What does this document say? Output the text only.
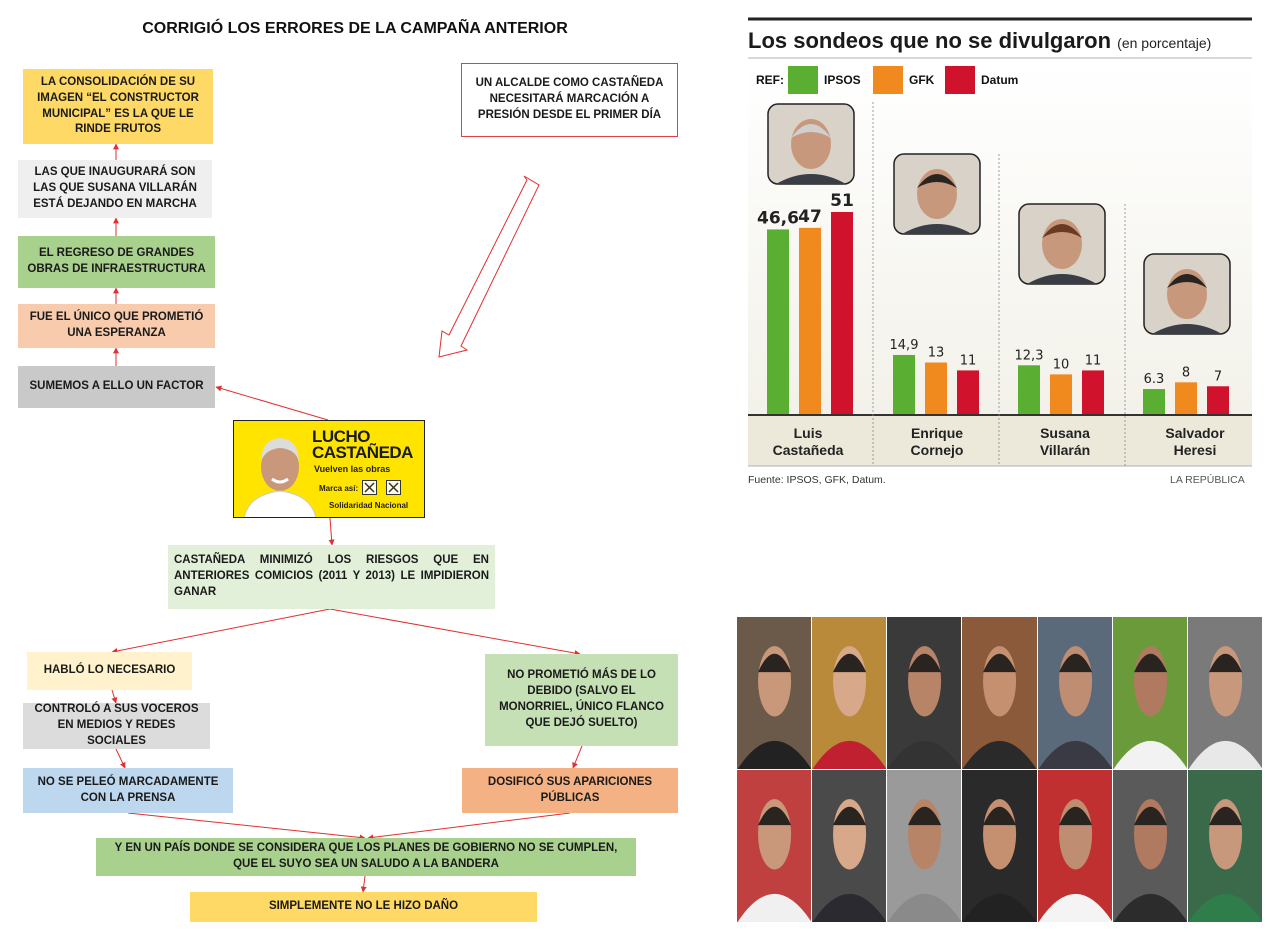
CORRIGIÓ LOS ERRORES DE LA CAMPAÑA ANTERIOR
LA CONSOLIDACIÓN DE SU IMAGEN “EL CONSTRUCTOR MUNICIPAL” ES LA QUE LE RINDE FRUTOS
LAS QUE INAUGURARÁ SON LAS QUE SUSANA VILLARÁN ESTÁ DEJANDO EN MARCHA
EL REGRESO DE GRANDES OBRAS DE INFRAESTRUCTURA
FUE EL ÚNICO QUE PROMETIÓ UNA ESPERANZA
SUMEMOS A ELLO UN FACTOR
UN ALCALDE COMO CASTAÑEDA NECESITARÁ MARCACIÓN A PRESIÓN DESDE EL PRIMER DÍA
LUCHO
CASTAÑEDA
Vuelven las obras
Marca así:
Solidaridad Nacional
CASTAÑEDA MINIMIZÓ LOS RIESGOS QUE EN ANTERIORES COMICIOS (2011 Y 2013) LE IMPIDIERON GANAR
HABLÓ LO NECESARIO
CONTROLÓ A SUS VOCEROS EN MEDIOS Y REDES SOCIALES
NO SE PELEÓ MARCADAMENTE CON LA PRENSA
NO PROMETIÓ MÁS DE LO DEBIDO (SALVO EL MONORRIEL, ÚNICO FLANCO QUE DEJÓ SUELTO)
DOSIFICÓ SUS APARICIONES PÚBLICAS
Y EN UN PAÍS DONDE SE CONSIDERA QUE LOS PLANES DE GOBIERNO NO SE CUMPLEN, QUE EL SUYO SEA UN SALUDO A LA BANDERA
SIMPLEMENTE NO LE HIZO DAÑO
46,6 47
51
14,9
13
11	12,3
10 11
6.3 8 7
Los sondeos que no se divulgaron (en porcentaje)
REF:	IPSOS	GFK	Datum
Luis
Castañeda
Enrique
Cornejo
Susana
Villarán
Salvador
Heresi
Fuente: IPSOS, GFK, Datum.	LA REPÚBLICA
